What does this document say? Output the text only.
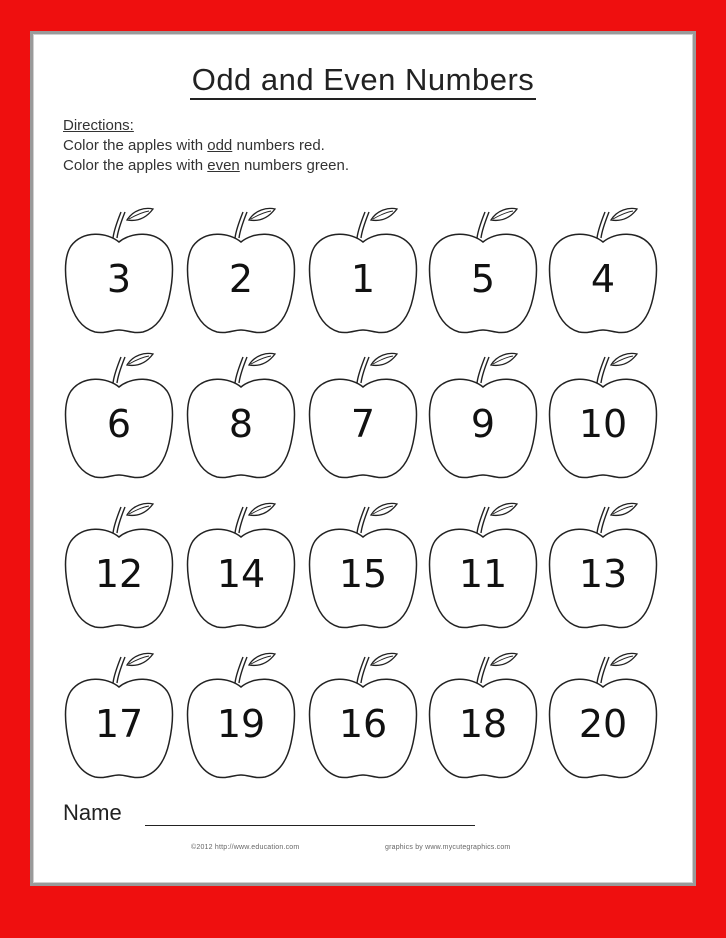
Odd and Even Numbers
Directions:
Color the apples with odd numbers red.
Color the apples with even numbers green.
3	2	1	5	4
6	8	7	9	10
12	14	15	11	13
17	19	16	18	20
Name
©2012 http://www.education.com	graphics by www.mycutegraphics.com
